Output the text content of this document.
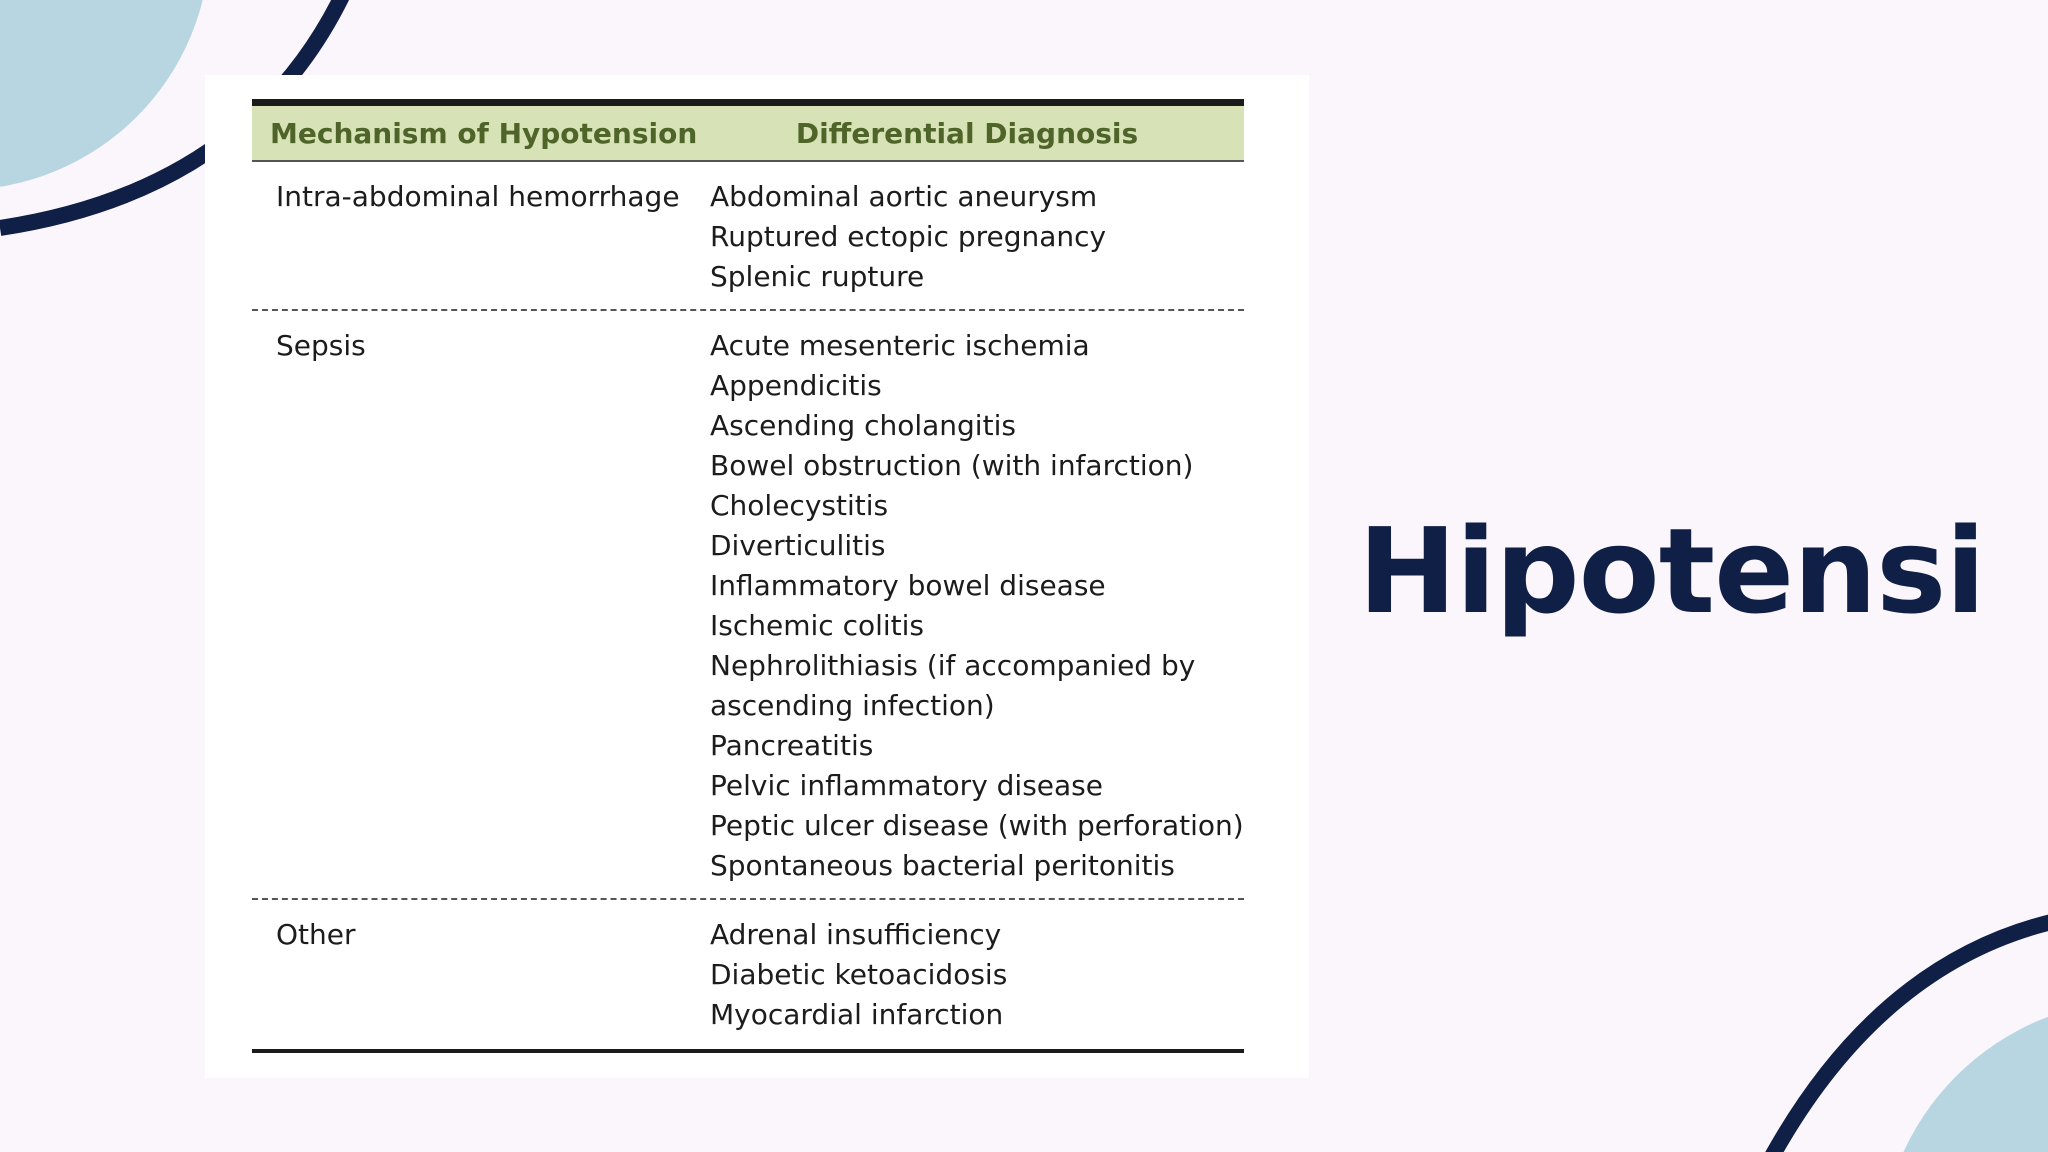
Mechanism of Hypotension	Differential Diagnosis
Intra-abdominal hemorrhage	Abdominal aortic aneurysm
Ruptured ectopic pregnancy
Splenic rupture
Sepsis	Acute mesenteric ischemia
Appendicitis
Ascending cholangitis
Bowel obstruction (with infarction)
Cholecystitis
Diverticulitis
Inflammatory bowel disease
Ischemic colitis
Nephrolithiasis (if accompanied by
ascending infection)
Pancreatitis
Pelvic inflammatory disease
Peptic ulcer disease (with perforation)
Spontaneous bacterial peritonitis
Other	Adrenal insufficiency
Diabetic ketoacidosis
Myocardial infarction
Hipotensi
